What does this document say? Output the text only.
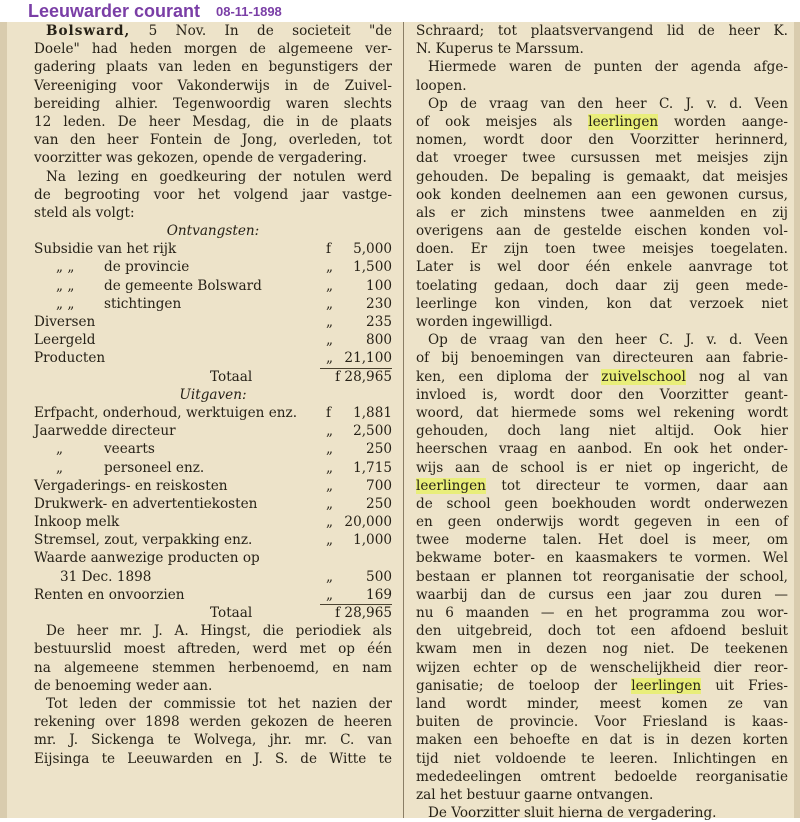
Leeuwarder courant 08-11-1898
Bolsward, 5 Nov. In de societeit "de
Doele" had heden morgen de algemeene ver-
gadering plaats van leden en begunstigers der
Vereeniging voor Vakonderwijs in de Zuivel-
bereiding alhier. Tegenwoordig waren slechts
12 leden. De heer Mesdag, die in de plaats
van den heer Fontein de Jong, overleden, tot
voorzitter was gekozen, opende de vergadering.
Na lezing en goedkeuring der notulen werd
de begrooting voor het volgend jaar vastge-
steld als volgt:
Ontvangsten:
Subsidie van het rijk	f 5,000
„ „ de provincie	„ 1,500
„ „ de gemeente Bolsward	„ 100
„ „ stichtingen	„ 230
Diversen	„ 235
Leergeld	„ 800
Producten	„ 21,100
Totaal	f 28,965
Uitgaven:
Erfpacht, onderhoud, werktuigen enz. f 1,881
Jaarwedde directeur	„ 2,500
„	veearts	„ 250
„	personeel enz.	„ 1,715
Vergaderings- en reiskosten	„ 700
Drukwerk- en advertentiekosten	„ 250
Inkoop melk	„ 20,000
Stremsel, zout, verpakking enz.	„ 1,000
Waarde aanwezige producten op
31 Dec. 1898	„ 500
Renten en onvoorzien	„ 169
Totaal	f 28,965
De heer mr. J. A. Hingst, die periodiek als
bestuurslid moest aftreden, werd met op één
na algemeene stemmen herbenoemd, en nam
de benoeming weder aan.
Tot leden der commissie tot het nazien der
rekening over 1898 werden gekozen de heeren
mr. J. Sickenga te Wolvega, jhr. mr. C. van
Eijsinga te Leeuwarden en J. S. de Witte te
Schraard; tot plaatsvervangend lid de heer K.
N. Kuperus te Marssum.
Hiermede waren de punten der agenda afge-
loopen.
Op de vraag van den heer C. J. v. d. Veen
of ook meisjes als leerlingen worden aange-
nomen, wordt door den Voorzitter herinnerd,
dat vroeger twee cursussen met meisjes zijn
gehouden. De bepaling is gemaakt, dat meisjes
ook konden deelnemen aan een gewonen cursus,
als er zich minstens twee aanmelden en zij
overigens aan de gestelde eischen konden vol-
doen. Er zijn toen twee meisjes toegelaten.
Later is wel door één enkele aanvrage tot
toelating gedaan, doch daar zij geen mede-
leerlinge kon vinden, kon dat verzoek niet
worden ingewilligd.
Op de vraag van den heer C. J. v. d. Veen
of bij benoemingen van directeuren aan fabrie-
ken, een diploma der zuivelschool nog al van
invloed is, wordt door den Voorzitter geant-
woord, dat hiermede soms wel rekening wordt
gehouden, doch lang niet altijd. Ook hier
heerschen vraag en aanbod. En ook het onder-
wijs aan de school is er niet op ingericht, de
leerlingen tot directeur te vormen, daar aan
de school geen boekhouden wordt onderwezen
en geen onderwijs wordt gegeven in een of
twee moderne talen. Het doel is meer, om
bekwame boter- en kaasmakers te vormen. Wel
bestaan er plannen tot reorganisatie der school,
waarbij dan de cursus een jaar zou duren —
nu 6 maanden — en het programma zou wor-
den uitgebreid, doch tot een afdoend besluit
kwam men in dezen nog niet. De teekenen
wijzen echter op de wenschelijkheid dier reor-
ganisatie; de toeloop der leerlingen uit Fries-
land wordt minder, meest komen ze van
buiten de provincie. Voor Friesland is kaas-
maken een behoefte en dat is in dezen korten
tijd niet voldoende te leeren. Inlichtingen en
mededeelingen omtrent bedoelde reorganisatie
zal het bestuur gaarne ontvangen.
De Voorzitter sluit hierna de vergadering.
